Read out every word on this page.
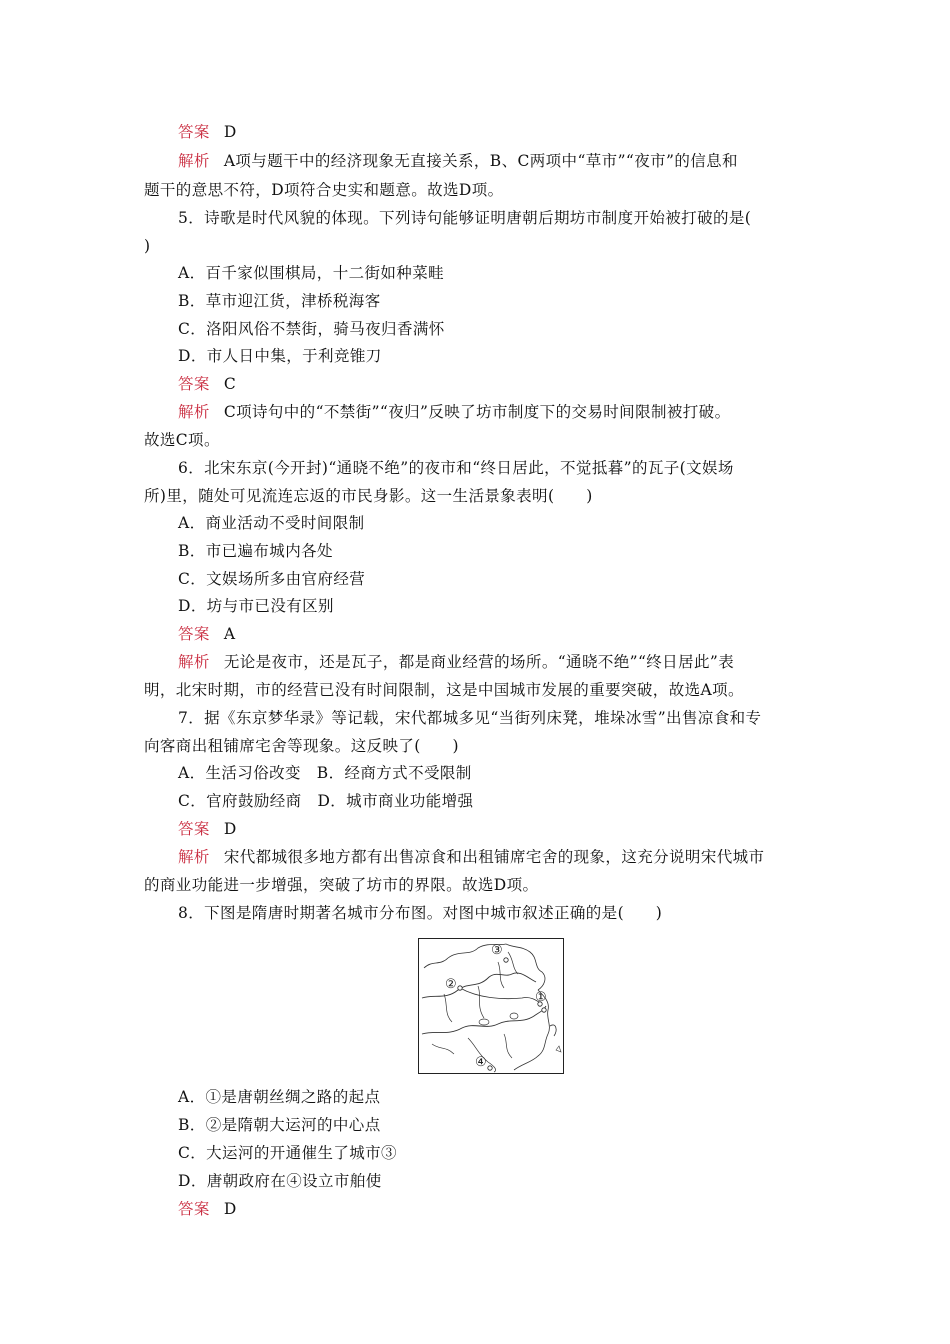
答案 D
解析 A项与题干中的经济现象无直接关系，B、C两项中“草市”“夜市”的信息和
题干的意思不符，D项符合史实和题意。故选D项。
5．诗歌是时代风貌的体现。下列诗句能够证明唐朝后期坊市制度开始被打破的是(
)
A．百千家似围棋局，十二街如种菜畦
B．草市迎江货，津桥税海客
C．洛阳风俗不禁街，骑马夜归香满怀
D．市人日中集，于利竞锥刀
答案 C
解析 C项诗句中的“不禁街”“夜归”反映了坊市制度下的交易时间限制被打破。
故选C项。
6．北宋东京(今开封)“通晓不绝”的夜市和“终日居此，不觉抵暮”的瓦子(文娱场
所)里，随处可见流连忘返的市民身影。这一生活景象表明(　　)
A．商业活动不受时间限制
B．市已遍布城内各处
C．文娱场所多由官府经营
D．坊与市已没有区别
答案 A
解析 无论是夜市，还是瓦子，都是商业经营的场所。“通晓不绝”“终日居此”表
明，北宋时期，市的经营已没有时间限制，这是中国城市发展的重要突破，故选A项。
7．据《东京梦华录》等记载，宋代都城多见“当街列床凳，堆垛冰雪”出售凉食和专
向客商出租铺席宅舍等现象。这反映了(　　)
A．生活习俗改变　B．经商方式不受限制
C．官府鼓励经商　D．城市商业功能增强
答案 D
解析 宋代都城很多地方都有出售凉食和出租铺席宅舍的现象，这充分说明宋代城市
的商业功能进一步增强，突破了坊市的界限。故选D项。
8．下图是隋唐时期著名城市分布图。对图中城市叙述正确的是(　　)
③
②
①
④
A．①是唐朝丝绸之路的起点
B．②是隋朝大运河的中心点
C．大运河的开通催生了城市③
D．唐朝政府在④设立市舶使
答案 D
